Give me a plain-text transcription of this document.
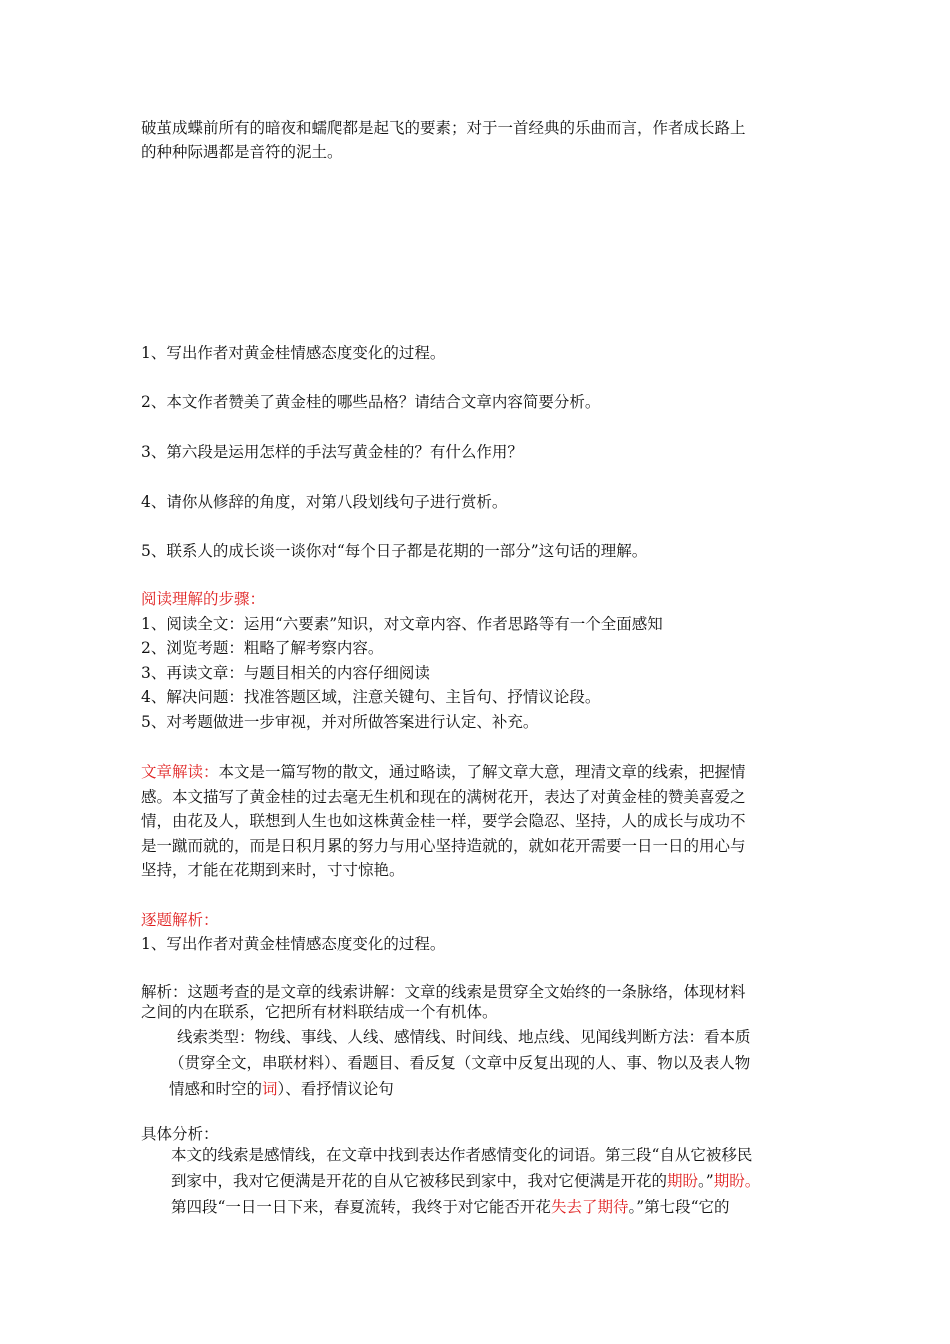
破茧成蝶前所有的暗夜和蠕爬都是起飞的要素；对于一首经典的乐曲而言，作者成长路上
的种种际遇都是音符的泥土。

1、写出作者对黄金桂情感态度变化的过程。
2、本文作者赞美了黄金桂的哪些品格？请结合文章内容简要分析。
3、第六段是运用怎样的手法写黄金桂的？有什么作用？
4、请你从修辞的角度，对第八段划线句子进行赏析。
5、联系人的成长谈一谈你对“每个日子都是花期的一部分”这句话的理解。
阅读理解的步骤：
1、阅读全文：运用“六要素”知识，对文章内容、作者思路等有一个全面感知
2、浏览考题：粗略了解考察内容。
3、再读文章：与题目相关的内容仔细阅读
4、解决问题：找准答题区域，注意关键句、主旨句、抒情议论段。
5、对考题做进一步审视，并对所做答案进行认定、补充。
文章解读：本文是一篇写物的散文，通过略读，了解文章大意，理清文章的线索，把握情
感。本文描写了黄金桂的过去毫无生机和现在的满树花开，表达了对黄金桂的赞美喜爱之
情，由花及人，联想到人生也如这株黄金桂一样，要学会隐忍、坚持，人的成长与成功不
是一蹴而就的，而是日积月累的努力与用心坚持造就的，就如花开需要一日一日的用心与
坚持，才能在花期到来时，寸寸惊艳。
逐题解析：
1、写出作者对黄金桂情感态度变化的过程。
解析：这题考查的是文章的线索讲解：文章的线索是贯穿全文始终的一条脉络，体现材料
之间的内在联系，它把所有材料联结成一个有机体。
线索类型：物线、事线、人线、感情线、时间线、地点线、见闻线判断方法：看本质
（贯穿全文，串联材料）、看题目、看反复（文章中反复出现的人、事、物以及表人物
情感和时空的词）、看抒情议论句
具体分析：
本文的线索是感情线，在文章中找到表达作者感情变化的词语。第三段“自从它被移民
到家中，我对它便满是开花的自从它被移民到家中，我对它便满是开花的期盼。”期盼。
第四段“一日一日下来，春夏流转，我终于对它能否开花失去了期待。”第七段“它的
